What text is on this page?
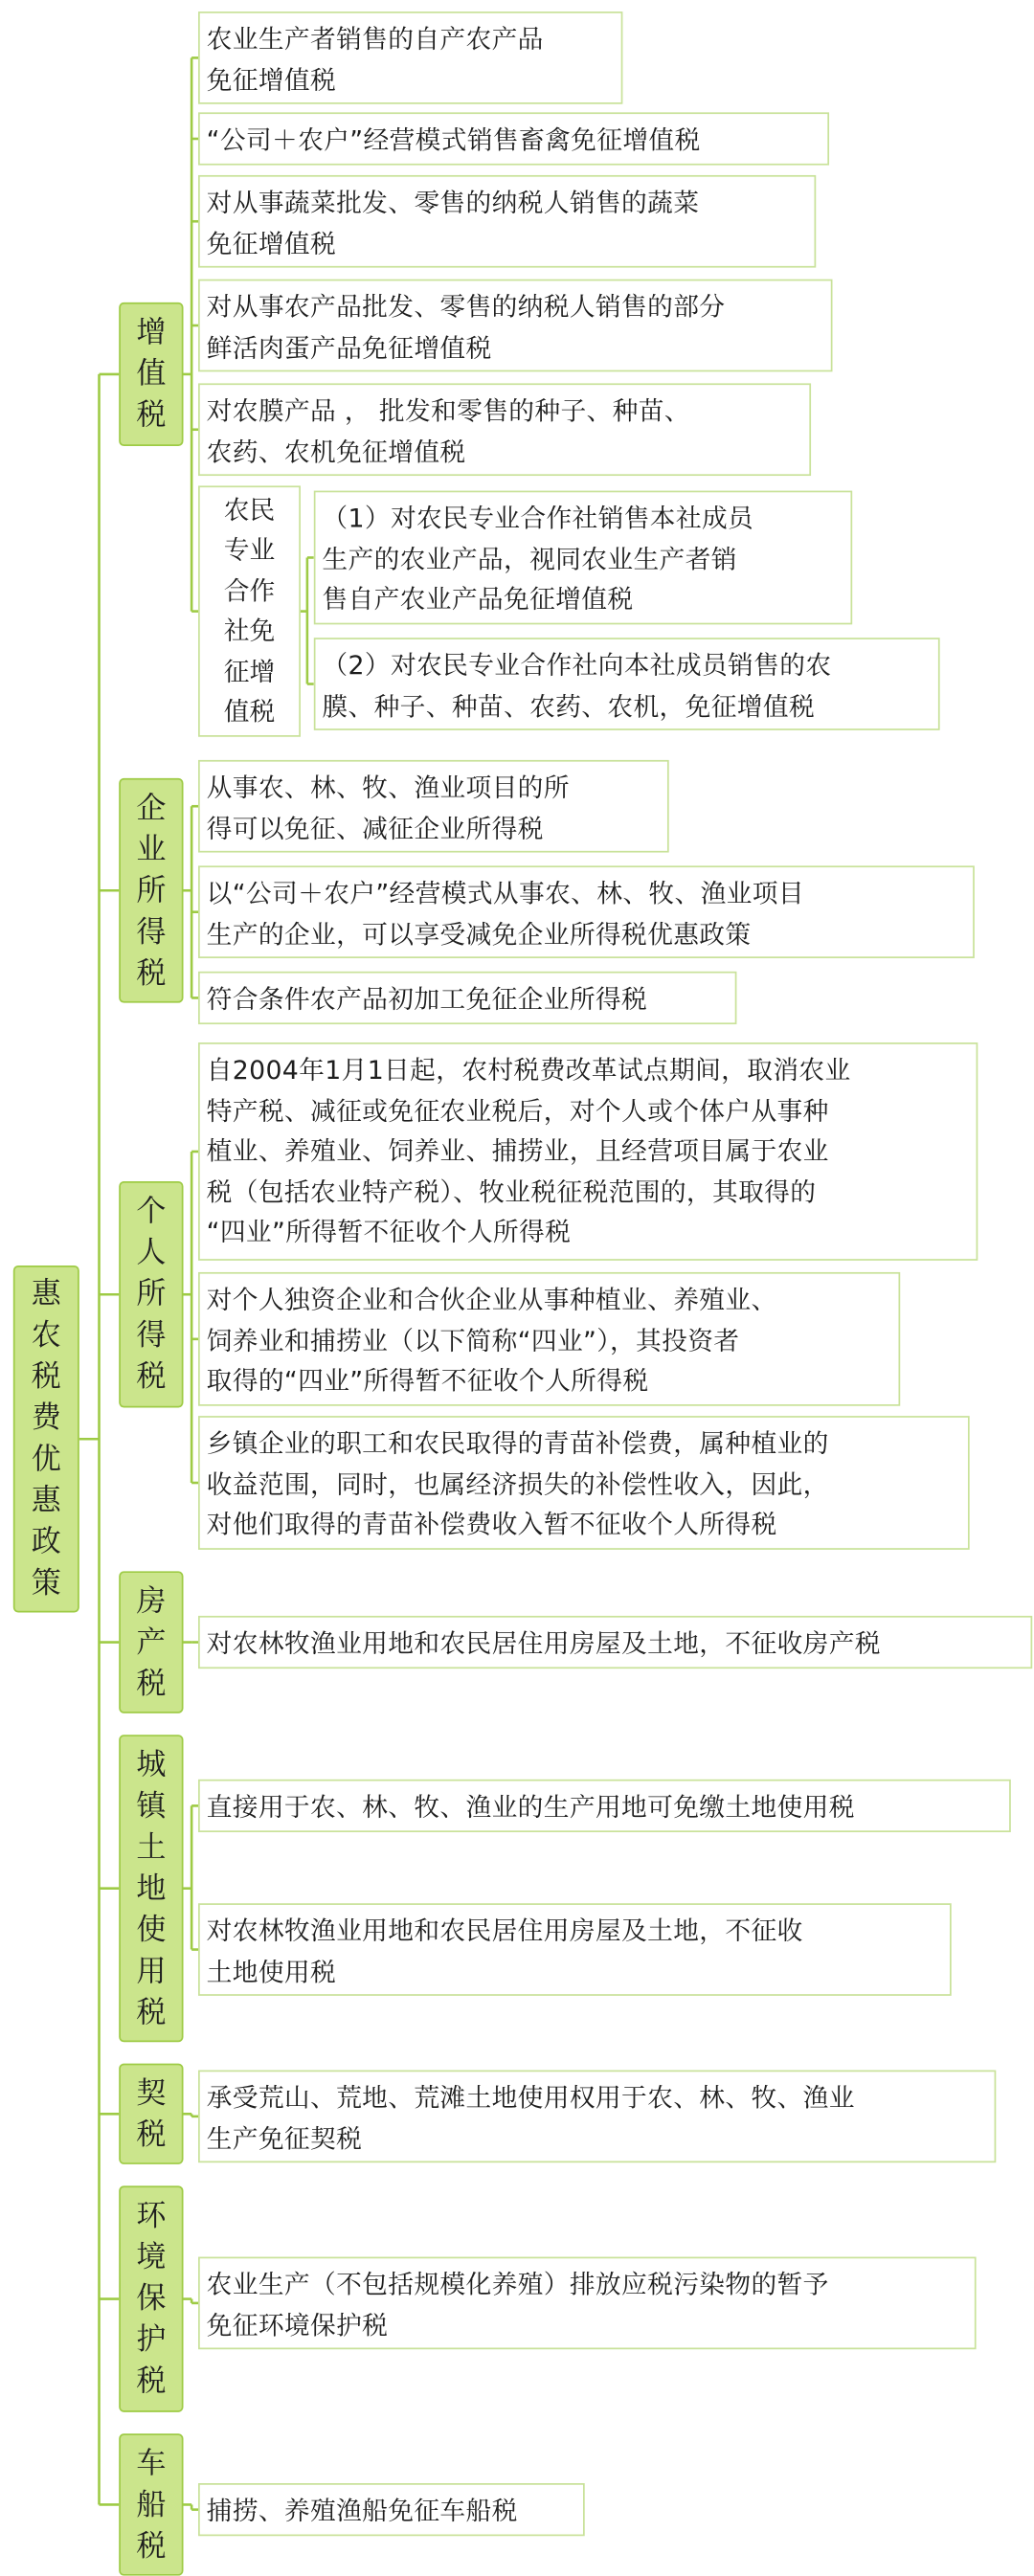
惠
农
税
费
优
惠
政
策
增
值
税
企
业
所
得
税
个
人
所
得
税
房
产
税
城
镇
土
地
使
用
税
契
税
环
境
保
护
税
车
船
税
农业生产者销售的自产农产品
免征增值税
“公司＋农户”经营模式销售畜禽免征增值税
对从事蔬菜批发、零售的纳税人销售的蔬菜
免征增值税
对从事农产品批发、零售的纳税人销售的部分
鲜活肉蛋产品免征增值税
对农膜产品 ， 批发和零售的种子、种苗、
农药、农机免征增值税
农民
专业
合作
社免
征增
值税
（1）对农民专业合作社销售本社成员
生产的农业产品，视同农业生产者销
售自产农业产品免征增值税
（2）对农民专业合作社向本社成员销售的农
膜、种子、种苗、农药、农机，免征增值税
从事农、林、牧、渔业项目的所
得可以免征、减征企业所得税
以“公司＋农户”经营模式从事农、林、牧、渔业项目
生产的企业，可以享受减免企业所得税优惠政策
符合条件农产品初加工免征企业所得税
自2004年1月1日起，农村税费改革试点期间，取消农业
特产税、减征或免征农业税后，对个人或个体户从事种
植业、养殖业、饲养业、捕捞业，且经营项目属于农业
税（包括农业特产税）、牧业税征税范围的，其取得的
“四业”所得暂不征收个人所得税
对个人独资企业和合伙企业从事种植业、养殖业、
饲养业和捕捞业（以下简称“四业”），其投资者
取得的“四业”所得暂不征收个人所得税
乡镇企业的职工和农民取得的青苗补偿费，属种植业的
收益范围，同时，也属经济损失的补偿性收入，因此，
对他们取得的青苗补偿费收入暂不征收个人所得税
对农林牧渔业用地和农民居住用房屋及土地，不征收房产税
直接用于农、林、牧、渔业的生产用地可免缴土地使用税
对农林牧渔业用地和农民居住用房屋及土地，不征收
土地使用税
承受荒山、荒地、荒滩土地使用权用于农、林、牧、渔业
生产免征契税
农业生产（不包括规模化养殖）排放应税污染物的暂予
免征环境保护税
捕捞、养殖渔船免征车船税
